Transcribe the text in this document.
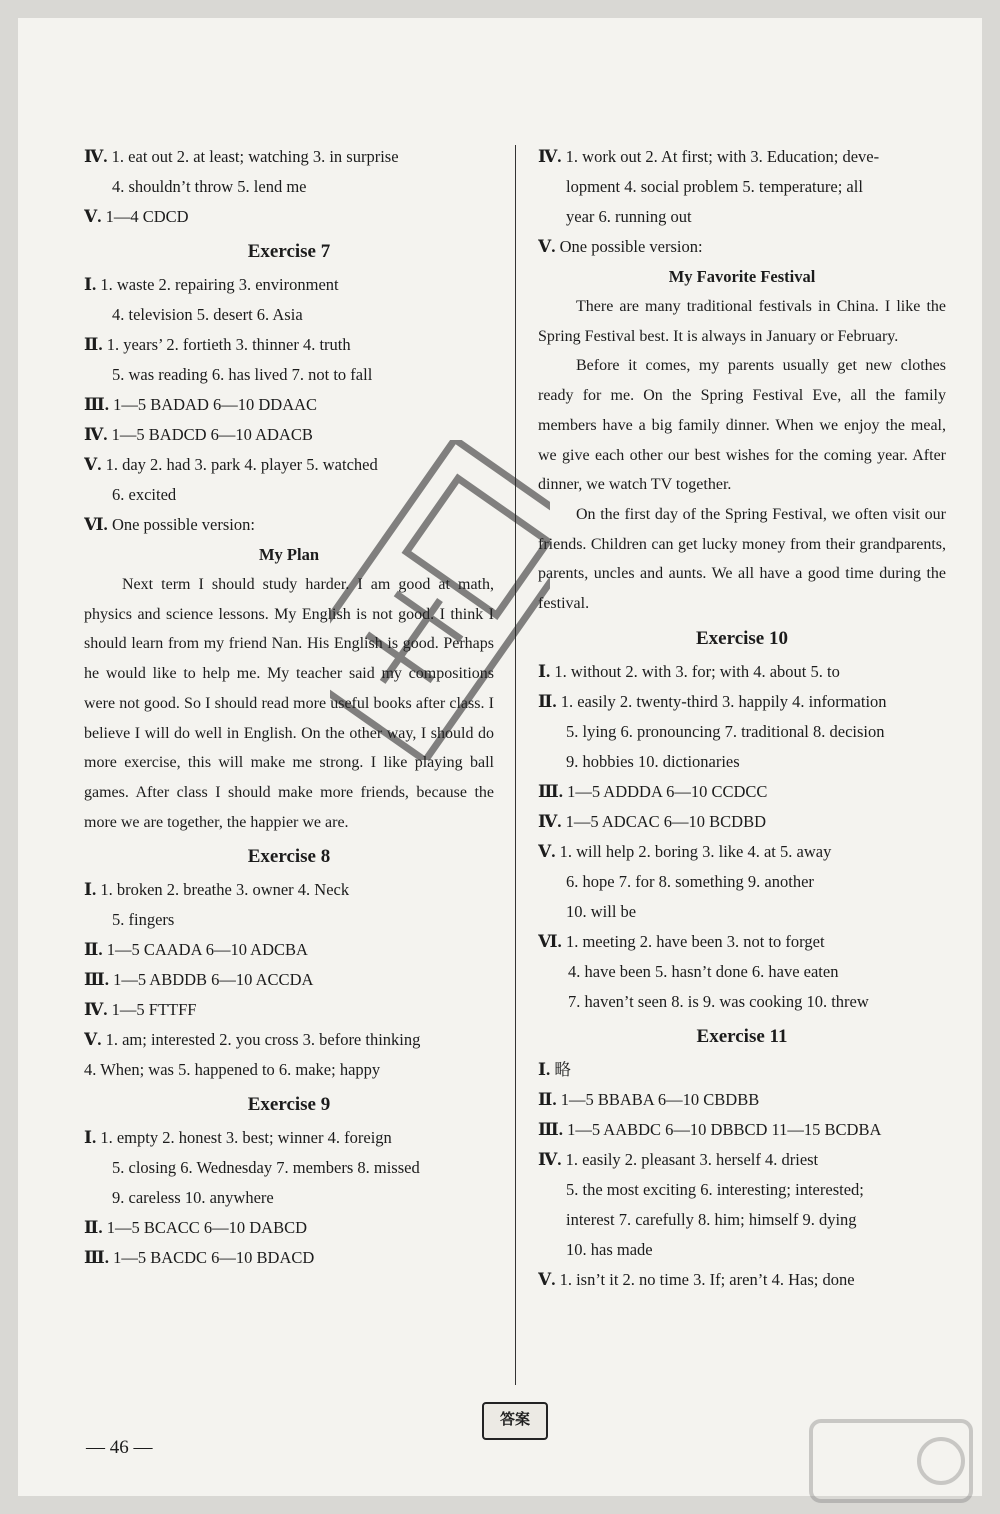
Ⅳ. 1. eat out 2. at least; watching 3. in surprise
4. shouldn’t throw 5. lend me
Ⅴ. 1—4 CDCD
Exercise 7
Ⅰ. 1. waste 2. repairing 3. environment
4. television 5. desert 6. Asia
Ⅱ. 1. years’ 2. fortieth 3. thinner 4. truth
5. was reading 6. has lived 7. not to fall
Ⅲ. 1—5 BADAD 6—10 DDAAC
Ⅳ. 1—5 BADCD 6—10 ADACB
Ⅴ. 1. day 2. had 3. park 4. player 5. watched
6. excited
Ⅵ. One possible version:
My Plan

Next term I should study harder. I am good at math, physics and science lessons. My English is not good. I think I should learn from my friend Nan. His English is good. Perhaps he would like to help me. My teacher said my compositions were not good. So I should read more useful books after class. I believe I will do well in English. On the other way, I should do more exercise, this will make me strong. I like playing ball games. After class I should make more friends, because the more we are together, the happier we are.

Exercise 8
Ⅰ. 1. broken 2. breathe 3. owner 4. Neck
5. fingers
Ⅱ. 1—5 CAADA 6—10 ADCBA
Ⅲ. 1—5 ABDDB 6—10 ACCDA
Ⅳ. 1—5 FTTFF
Ⅴ. 1. am; interested 2. you cross 3. before thinking
4. When; was 5. happened to 6. make; happy
Exercise 9
Ⅰ. 1. empty 2. honest 3. best; winner 4. foreign
5. closing 6. Wednesday 7. members 8. missed
9. careless 10. anywhere
Ⅱ. 1—5 BCACC 6—10 DABCD
Ⅲ. 1—5 BACDC 6—10 BDACD
Ⅳ. 1. work out 2. At first; with 3. Education; deve-
lopment 4. social problem 5. temperature; all
year 6. running out
Ⅴ. One possible version:
My Favorite Festival

There are many traditional festivals in China. I like the Spring Festival best. It is always in January or February.

Before it comes, my parents usually get new clothes ready for me. On the Spring Festival Eve, all the family members have a big family dinner. When we enjoy the meal, we give each other our best wishes for the coming year. After dinner, we watch TV together.

On the first day of the Spring Festival, we often visit our friends. Children can get lucky money from their grandparents, parents, uncles and aunts. We all have a good time during the festival.

Exercise 10
Ⅰ. 1. without 2. with 3. for; with 4. about 5. to
Ⅱ. 1. easily 2. twenty-third 3. happily 4. information
5. lying 6. pronouncing 7. traditional 8. decision
9. hobbies 10. dictionaries
Ⅲ. 1—5 ADDDA 6—10 CCDCC
Ⅳ. 1—5 ADCAC 6—10 BCDBD
Ⅴ. 1. will help 2. boring 3. like 4. at 5. away
6. hope 7. for 8. something 9. another
10. will be
Ⅵ. 1. meeting 2. have been 3. not to forget
4. have been 5. hasn’t done 6. have eaten
7. haven’t seen 8. is 9. was cooking 10. threw
Exercise 11
Ⅰ. 略
Ⅱ. 1—5 BBABA 6—10 CBDBB
Ⅲ. 1—5 AABDC 6—10 DBBCD 11—15 BCDBA
Ⅳ. 1. easily 2. pleasant 3. herself 4. driest
5. the most exciting 6. interesting; interested;
interest 7. carefully 8. him; himself 9. dying
10. has made
Ⅴ. 1. isn’t it 2. no time 3. If; aren’t 4. Has; done
— 46 —
答案
